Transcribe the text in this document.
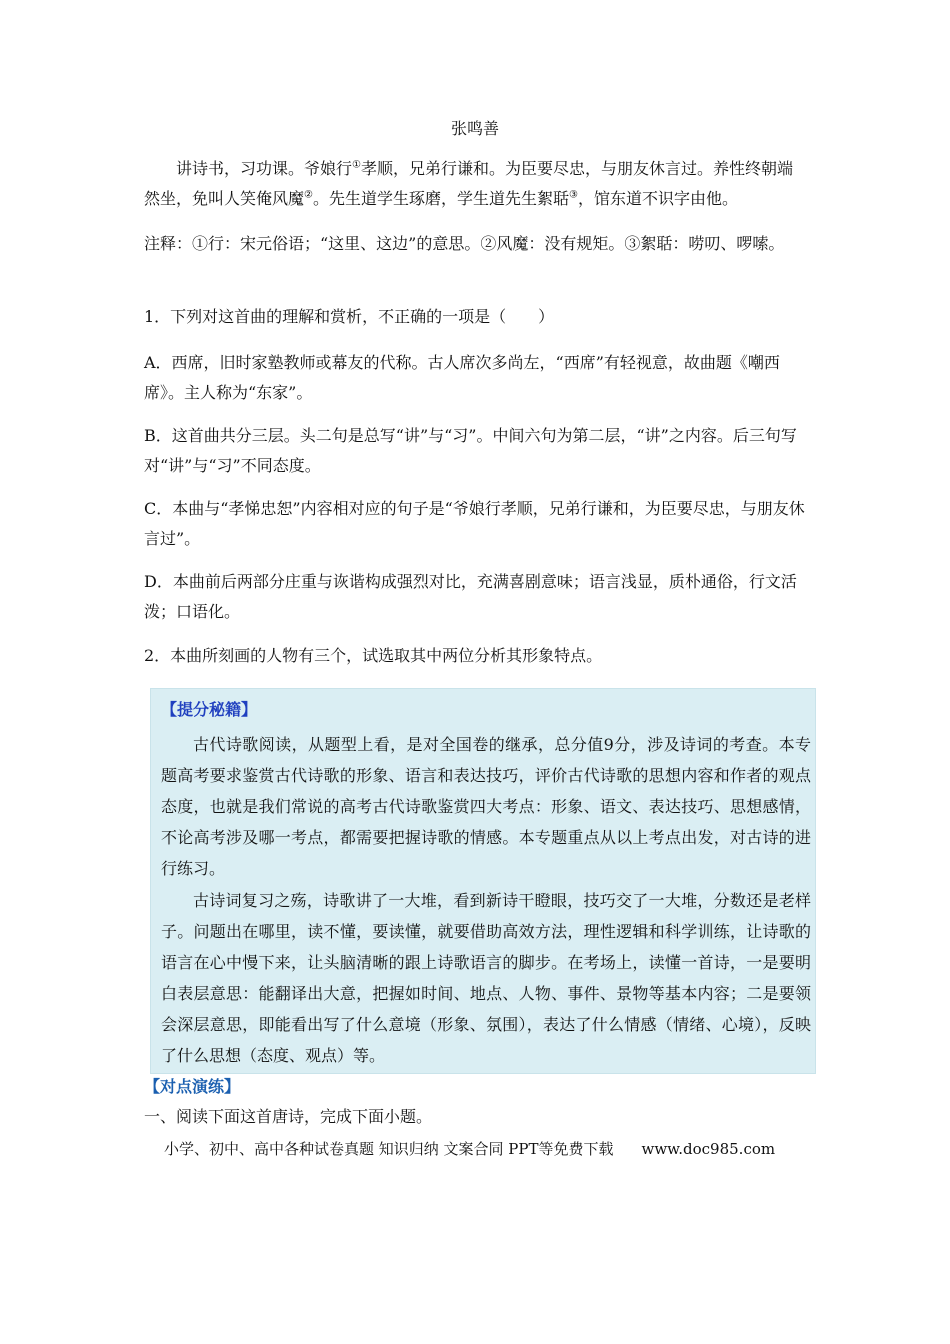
张鸣善
讲诗书，习功课。爷娘行①孝顺，兄弟行谦和。为臣要尽忠，与朋友休言过。养性终朝端然坐，免叫人笑俺风魔②。先生道学生琢磨，学生道先生絮聒③，馆东道不识字由他。
注释：①行：宋元俗语；“这里、这边”的意思。②风魔：没有规矩。③絮聒：唠叨、啰嗦。
1．下列对这首曲的理解和赏析，不正确的一项是（　　）
A．西席，旧时家塾教师或幕友的代称。古人席次多尚左，“西席”有轻视意，故曲题《嘲西席》。主人称为“东家”。
B．这首曲共分三层。头二句是总写“讲”与“习”。中间六句为第二层，“讲”之内容。后三句写对“讲”与“习”不同态度。
C．本曲与“孝悌忠恕”内容相对应的句子是“爷娘行孝顺，兄弟行谦和，为臣要尽忠，与朋友休言过”。
D．本曲前后两部分庄重与诙谐构成强烈对比，充满喜剧意味；语言浅显，质朴通俗，行文活泼；口语化。
2．本曲所刻画的人物有三个，试选取其中两位分析其形象特点。
【提分秘籍】
古代诗歌阅读，从题型上看，是对全国卷的继承，总分值9分，涉及诗词的考查。本专题高考要求鉴赏古代诗歌的形象、语言和表达技巧，评价古代诗歌的思想内容和作者的观点态度，也就是我们常说的高考古代诗歌鉴赏四大考点：形象、语文、表达技巧、思想感情，不论高考涉及哪一考点，都需要把握诗歌的情感。本专题重点从以上考点出发，对古诗的进行练习。
古诗词复习之殇，诗歌讲了一大堆，看到新诗干瞪眼，技巧交了一大堆，分数还是老样子。问题出在哪里，读不懂，要读懂，就要借助高效方法，理性逻辑和科学训练，让诗歌的语言在心中慢下来，让头脑清晰的跟上诗歌语言的脚步。在考场上，读懂一首诗，一是要明白表层意思：能翻译出大意，把握如时间、地点、人物、事件、景物等基本内容；二是要领会深层意思，即能看出写了什么意境（形象、氛围），表达了什么情感（情绪、心境），反映了什么思想（态度、观点）等。
【对点演练】
一、阅读下面这首唐诗，完成下面小题。
小学、初中、高中各种试卷真题 知识归纳 文案合同 PPT等免费下载 www.doc985.com
